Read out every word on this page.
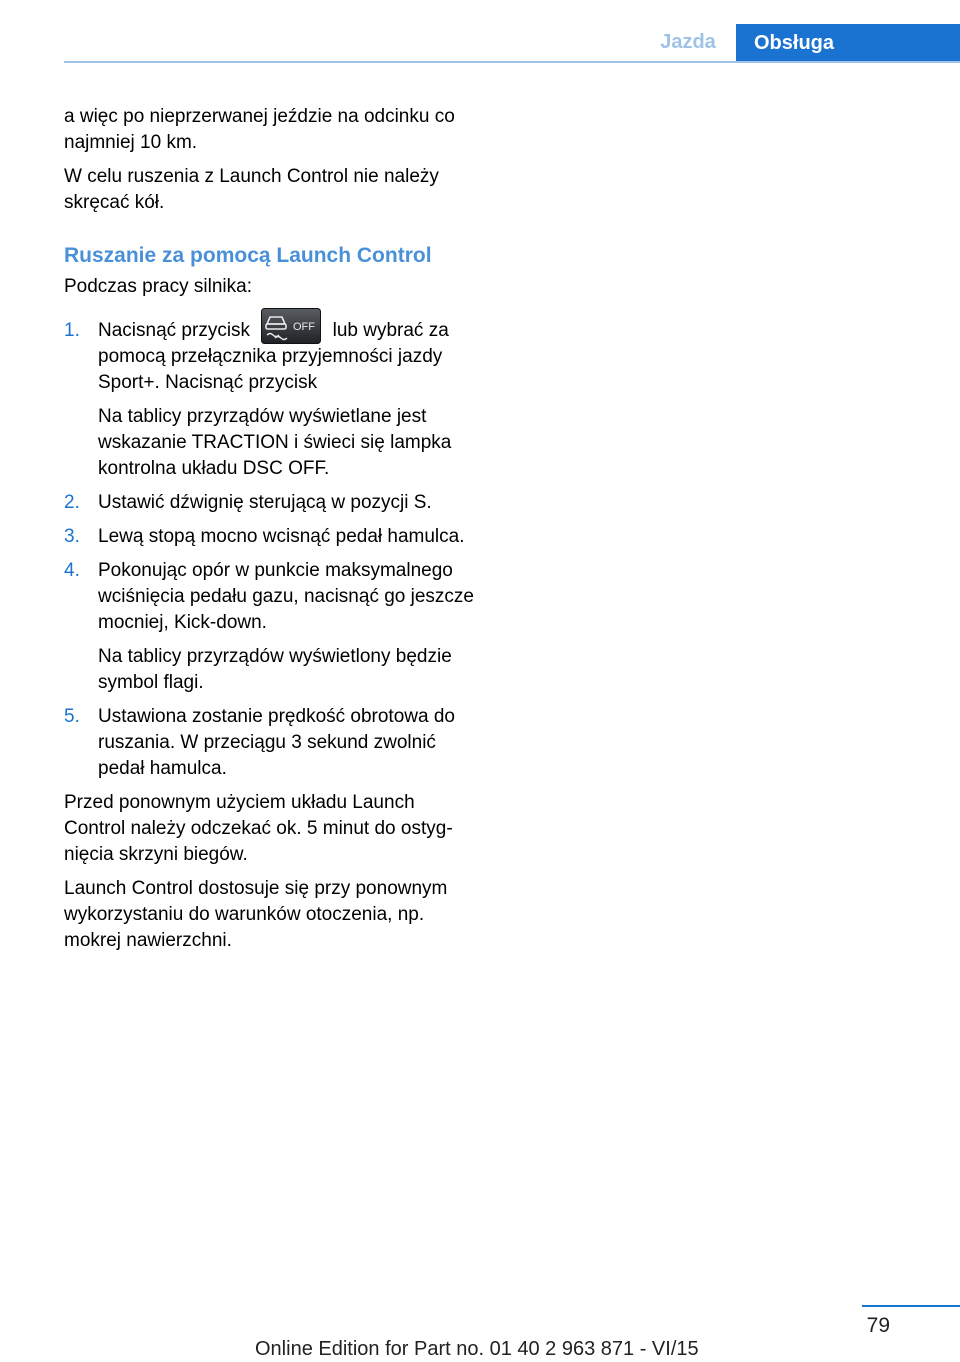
Jazda	Obsługa

a więc po nieprzerwanej jeździe na odcinku co najmniej 10 km.

W celu ruszenia z Launch Control nie należy skręcać kół.

Ruszanie za pomocą Launch Control

Podczas pracy silnika:

1. Nacisnąć przycisk	OFF lub wybrać za pomocą przełącznika przyjemności jazdy Sport+. Nacisnąć przycisk
Na tablicy przyrządów wyświetlane jest wskazanie TRACTION i świeci się lampka kontrolna układu DSC OFF.
2. Ustawić dźwignię sterującą w pozycji S.
3. Lewą stopą mocno wcisnąć pedał hamulca.
4. Pokonując opór w punkcie maksymalnego wciśnięcia pedału gazu, nacisnąć go jeszcze mocniej, Kick-down.
Na tablicy przyrządów wyświetlony będzie symbol flagi.
5. Ustawiona zostanie prędkość obrotowa do ruszania. W przeciągu 3 sekund zwolnić pedał hamulca.

Przed ponownym użyciem układu Launch Control należy odczekać ok. 5 minut do ostygnięcia skrzyni biegów.

Launch Control dostosuje się przy ponownym wykorzystaniu do warunków otoczenia, np. mokrej nawierzchni.

79
Online Edition for Part no. 01 40 2 963 871 - VI/15
